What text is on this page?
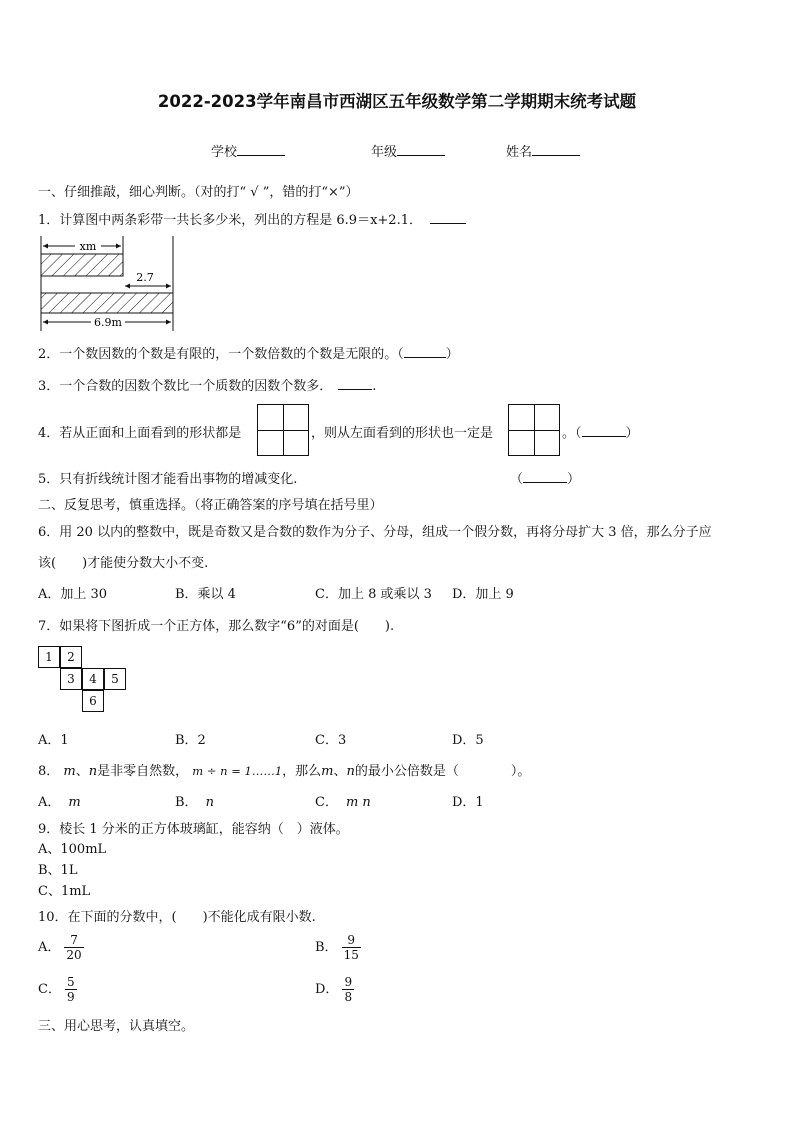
2022-2023学年南昌市西湖区五年级数学第二学期期末统考试题
学校	年级	姓名
一、仔细推敲，细心判断。（对的打“ √ ”，错的打“×”）
1．计算图中两条彩带一共长多少米，列出的方程是 6.9＝x+2.1．
xm
2.7
6.9m
2．一个数因数的个数是有限的，一个数倍数的个数是无限的。（	）
3．一个合数的因数个数比一个质数的因数个数多．	.
4．若从正面和上面看到的形状都是	，则从左面看到的形状也一定是	。（	）
5．只有折线统计图才能看出事物的增减变化.	（	）
二、反复思考，慎重选择。（将正确答案的序号填在括号里）
6．用 20 以内的整数中，既是奇数又是合数的数作为分子、分母，组成一个假分数，再将分母扩大 3 倍，那么分子应
该(　　)才能使分数大小不变.
A．加上 30	B．乘以 4	C．加上 8 或乘以 3 D．加上 9
7．如果将下图折成一个正方体，那么数字“6”的对面是(　　).
1	2
3	4	5
6
A．1	B．2	C．3	D．5
8． m、n是非零自然数， m ÷ n = 1……1，那么m、n的最小公倍数是（　　　　）。
A． m	B． n	C． m n	D．1
9．棱长 1 分米的正方体玻璃缸，能容纳（　）液体。
A、100mL
B、1L
C、1mL
10．在下面的分数中，(　　)不能化成有限小数.
A． $\frac{7}{20}$	B． $\frac{9}{15}$
C． $\frac{5}{9}$	D． $\frac{9}{8}$
三、用心思考，认真填空。
